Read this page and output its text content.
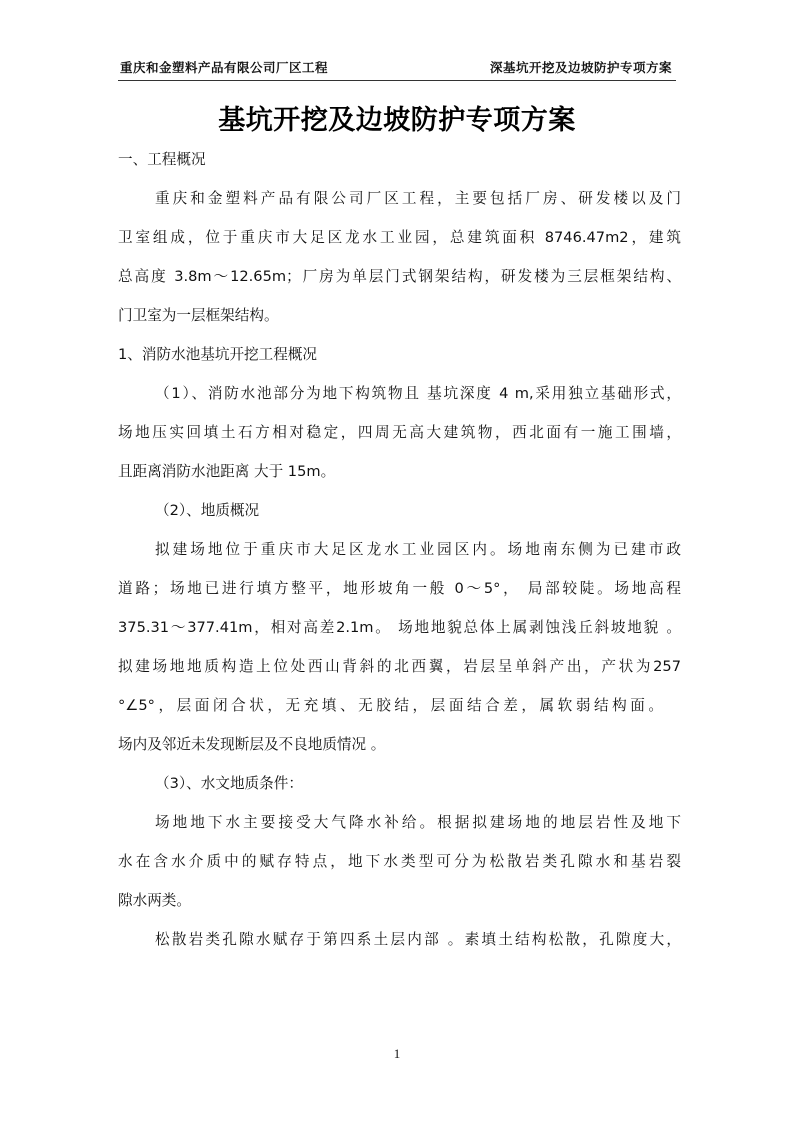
重庆和金塑料产品有限公司厂区工程	深基坑开挖及边坡防护专项方案
基坑开挖及边坡防护专项方案
一、工程概况
重庆和金塑料产品有限公司厂区工程，主要包括厂房、研发楼以及门
卫室组成，位于重庆市大足区龙水工业园，总建筑面积 8746.47m2，建筑
总高度 3.8m～12.65m；厂房为单层门式钢架结构，研发楼为三层框架结构、
门卫室为一层框架结构。
1、消防水池基坑开挖工程概况
（1）、消防水池部分为地下构筑物且 基坑深度 4 m,采用独立基础形式，
场地压实回填土石方相对稳定，四周无高大建筑物，西北面有一施工围墙，
且距离消防水池距离 大于 15m。
（2）、地质概况
拟建场地位于重庆市大足区龙水工业园区内。场地南东侧为已建市政
道路；场地已进行填方整平，地形坡角一般 0～5°， 局部较陡。场地高程
375.31～377.41m，相对高差2.1m。 场地地貌总体上属剥蚀浅丘斜坡地貌 。
拟建场地地质构造上位处西山背斜的北西翼，岩层呈单斜产出，产状为257
°∠5°，层面闭合状，无充填、无胶结，层面结合差，属软弱结构面。
场内及邻近未发现断层及不良地质情况 。
（3）、水文地质条件：
场地地下水主要接受大气降水补给。根据拟建场地的地层岩性及地下
水在含水介质中的赋存特点，地下水类型可分为松散岩类孔隙水和基岩裂
隙水两类。
松散岩类孔隙水赋存于第四系土层内部 。素填土结构松散，孔隙度大，
1
